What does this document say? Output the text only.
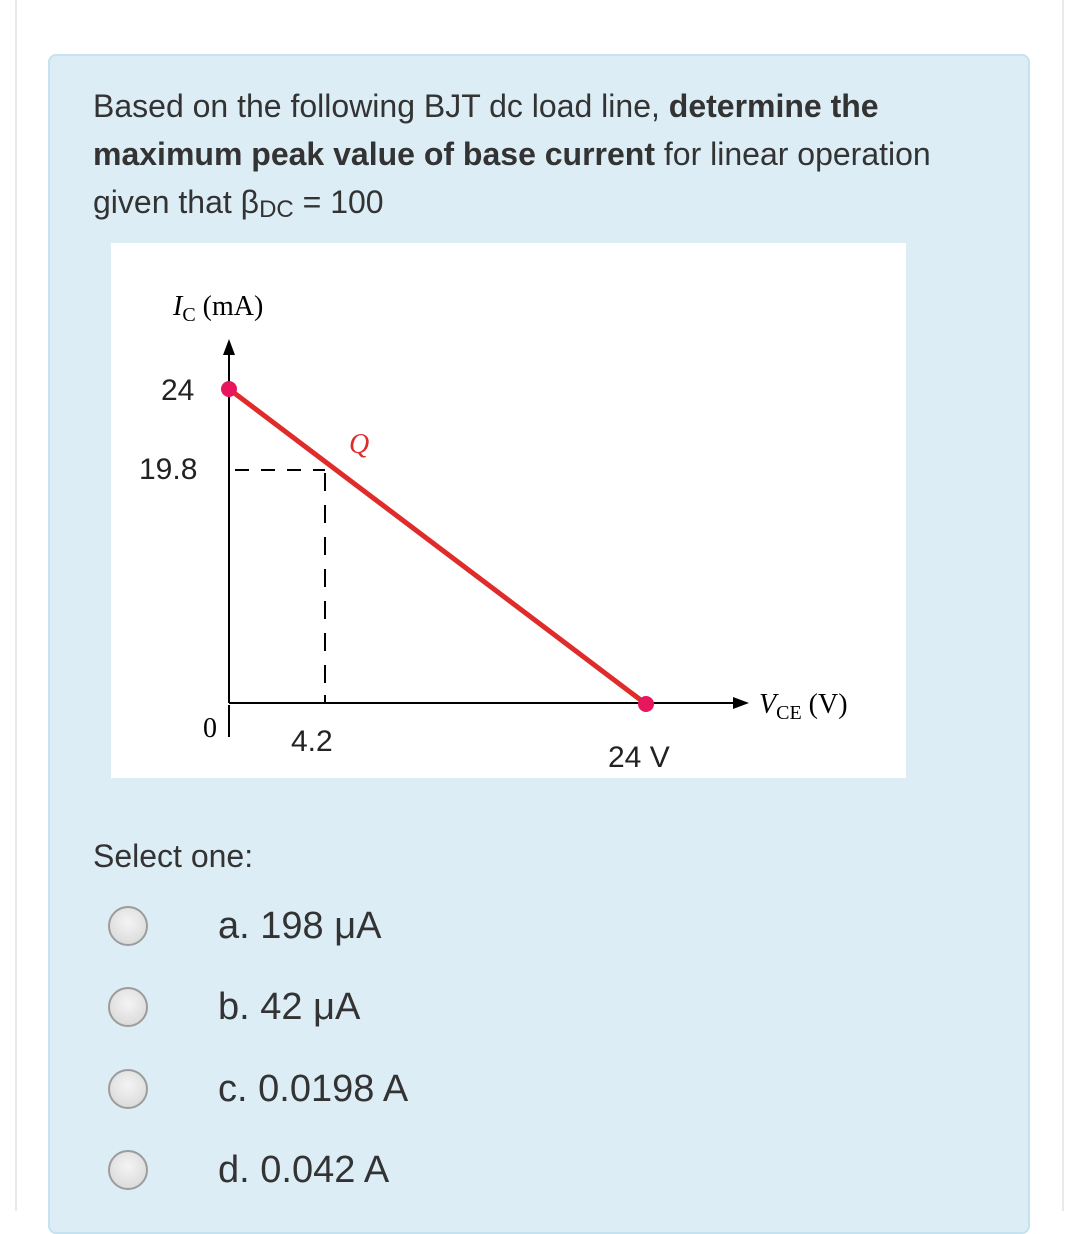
Based on the following BJT dc load line, determine the maximum peak value of base current for linear operation given that $\beta_{DC} = 100$
$I_C$ (mA)
$V_{CE}$ (V)
24
19.8
Q
0 4.2	24 V
Select one:
a. 198 μA
b. 42 μA
c. 0.0198 A
d. 0.042 A
